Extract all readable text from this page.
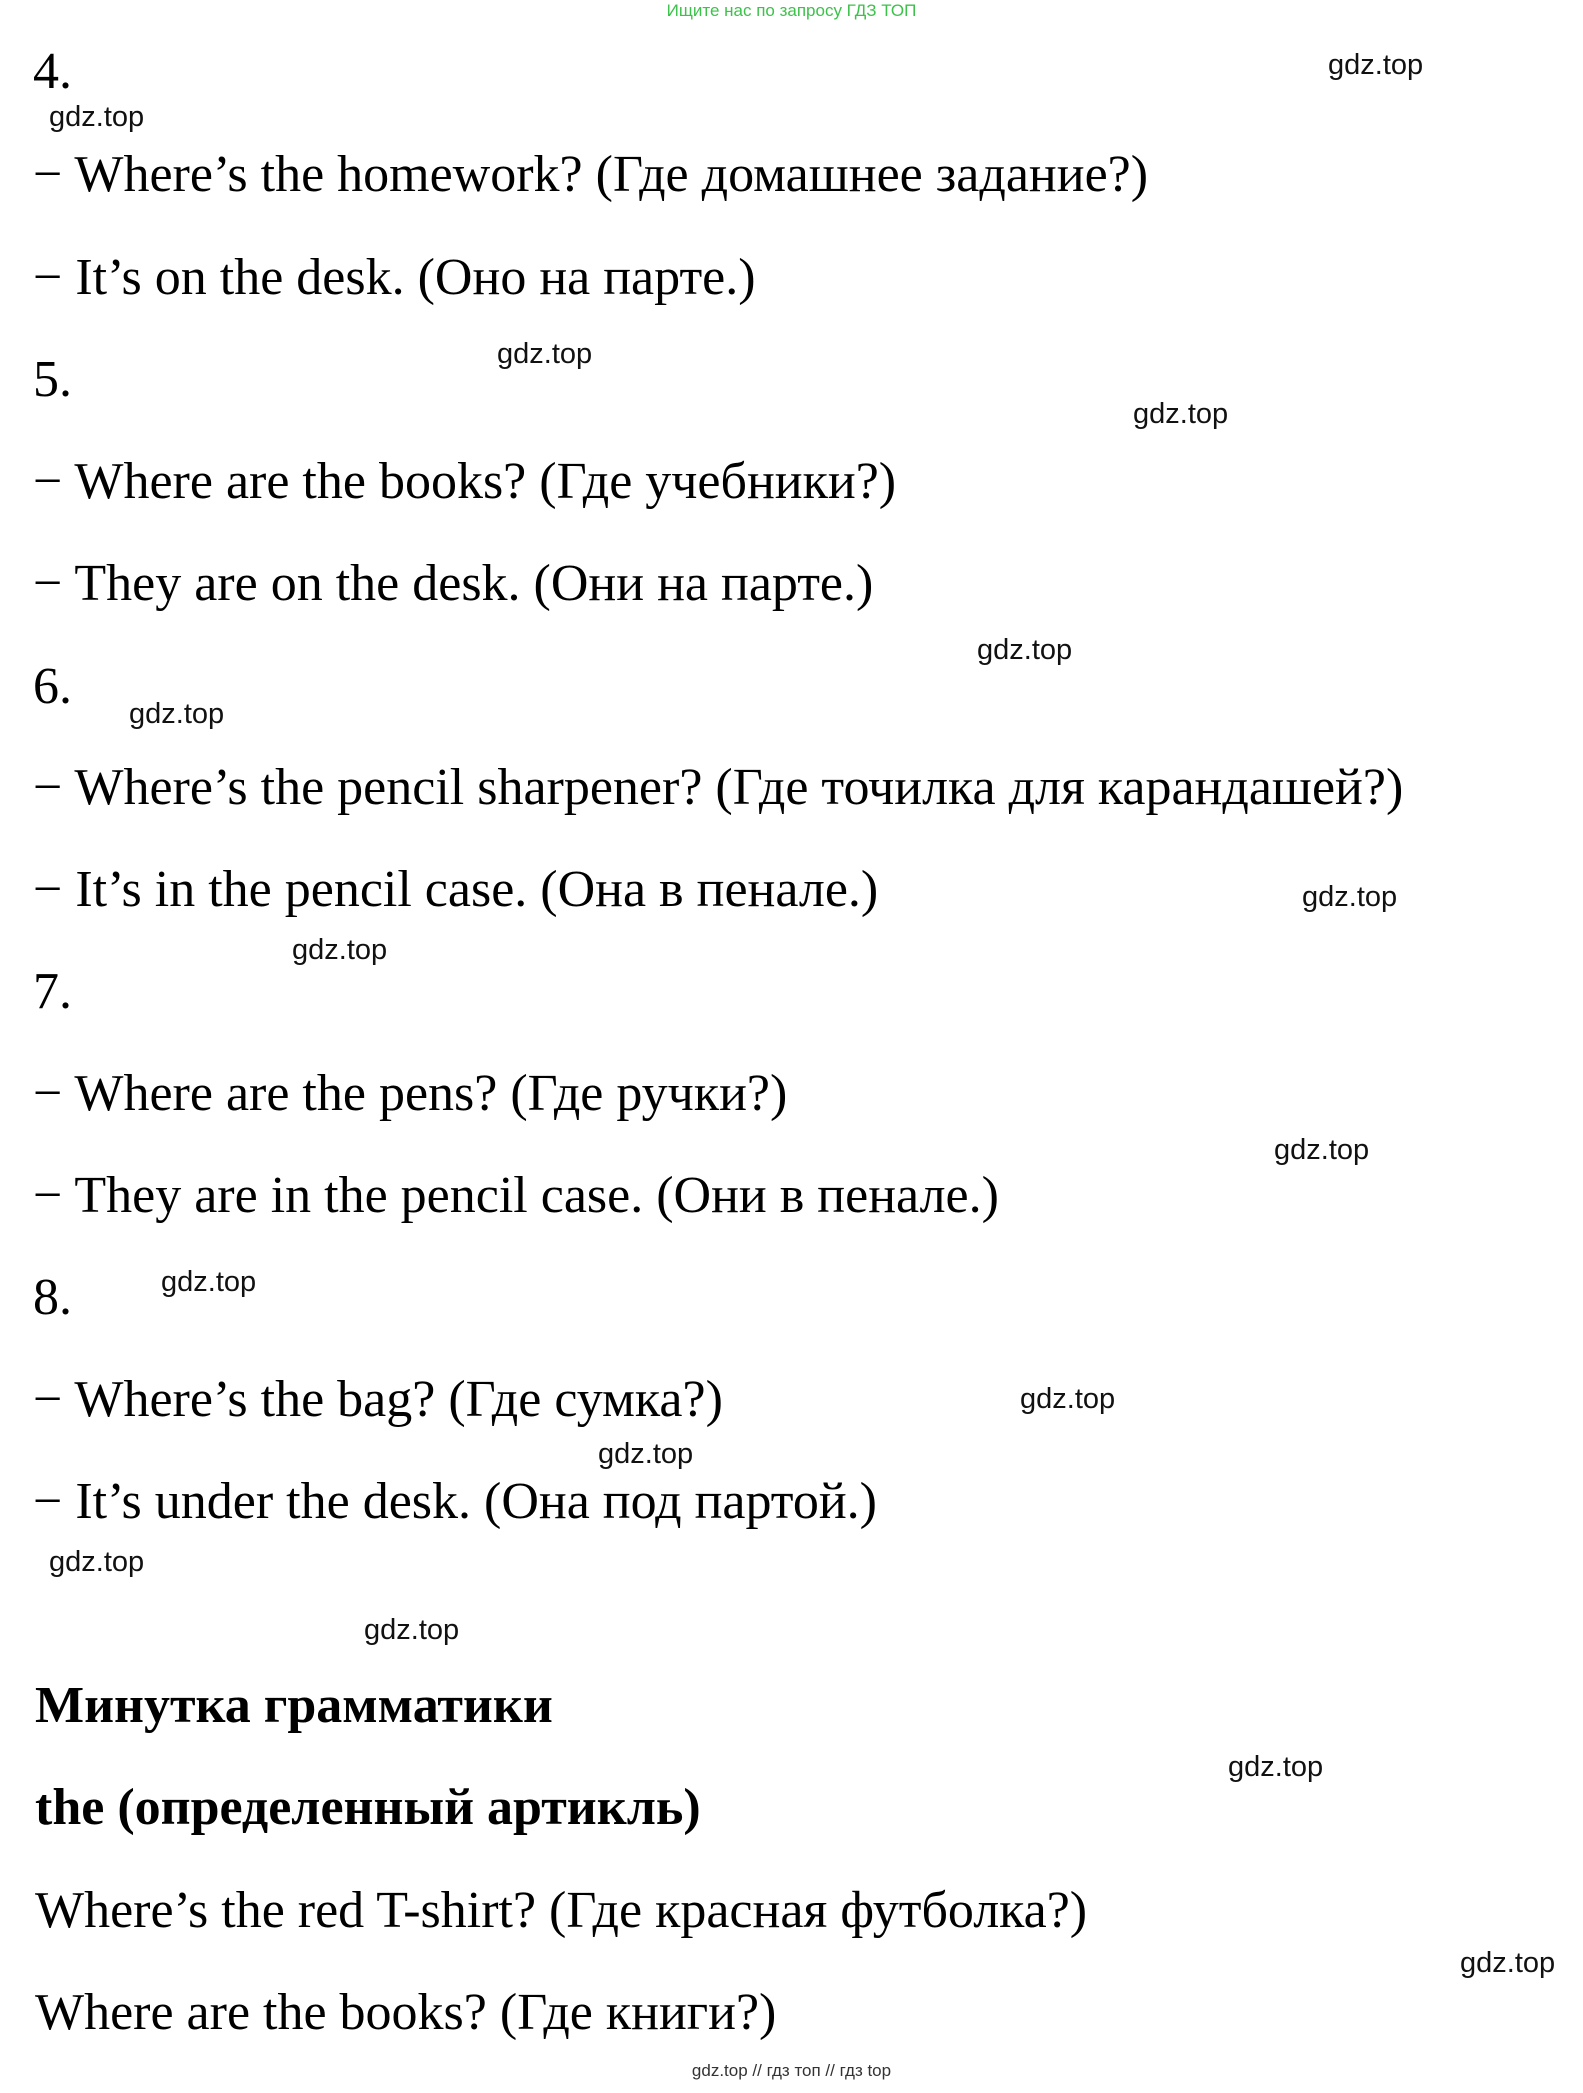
Ищите нас по запросу ГДЗ ТОП
4.
− Where’s the homework? (Где домашнее задание?)
− It’s on the desk. (Оно на парте.)
5.
− Where are the books? (Где учебники?)
− They are on the desk. (Они на парте.)
6.
− Where’s the pencil sharpener? (Где точилка для карандашей?)
− It’s in the pencil case. (Она в пенале.)
7.
− Where are the pens? (Где ручки?)
− They are in the pencil case. (Они в пенале.)
8.
− Where’s the bag? (Где сумка?)
− It’s under the desk. (Она под партой.)
Минутка грамматики
the (определенный артикль)
Where’s the red T-shirt? (Где красная футболка?)
Where are the books? (Где книги?)
gdz.top
gdz.top
gdz.top
gdz.top
gdz.top
gdz.top
gdz.top
gdz.top
gdz.top
gdz.top
gdz.top
gdz.top
gdz.top
gdz.top
gdz.top
gdz.top
gdz.top // гдз топ // гдз top
